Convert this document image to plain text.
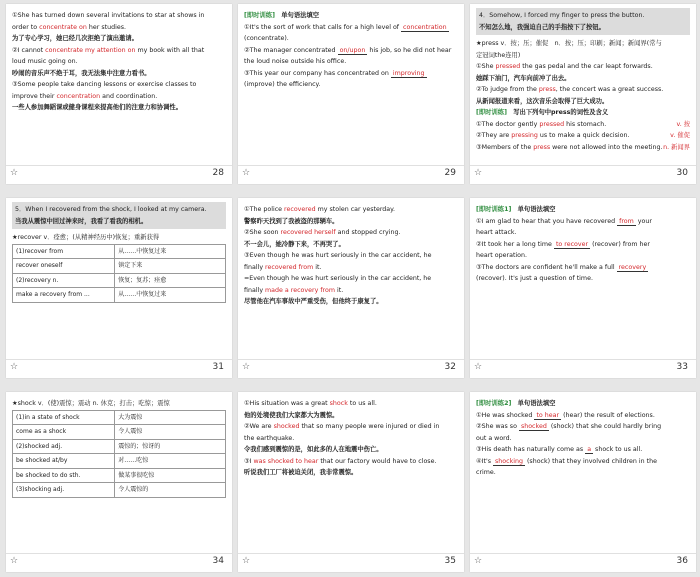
①She has turned down several invitations to star at shows in
order to concentrate on her studies.
为了专心学习，她已经几次拒绝了演出邀请。
②I cannot concentrate my attention on my book with all that
loud music going on.
吵闹的音乐声不绝于耳，我无法集中注意力看书。
③Some people take dancing lessons or exercise classes to
improve their concentration and coordination.
一些人参加舞蹈课或健身课程来提高他们的注意力和协调性。
☆	28
[即时训练]　单句语法填空
①It's the sort of work that calls for a high level of concentration
(concentrate).
②The manager concentrated on/upon his job, so he did not hear
the loud noise outside his office.
③This year our company has concentrated on improving
(improve) the efficiency.
☆	29
4．Somehow, I forced my finger to press the button.
不知怎么地，我强迫自己的手指按下了按钮。
★press v．按；压；催促　n．按；压；印刷；新闻；新闻界(常与
定冠词the连用)
①She pressed the gas pedal and the car leapt forwards.
她踩下油门，汽车向前冲了出去。
②To judge from the press, the concert was a great success.
从新闻报道来看，这次音乐会取得了巨大成功。
[即时训练]　写出下列句中press的词性及含义
①The doctor gently pressed his stomach.	v. 按
②They are pressing us to make a quick decision.	v. 催促
③Members of the press were not allowed into the meeting. n. 新闻界
☆	30
5．When I recovered from the shock, I looked at my camera.
当我从震惊中回过神来时，我看了看我的相机。
★recover v．痊愈；(从精神经历中)恢复；重新获得
(1)recover from	从……中恢复过来
recover oneself	镇定下来
(2)recovery n.	恢复；复苏；痊愈
make a recovery from ...	从……中恢复过来
☆	31
①The police recovered my stolen car yesterday.
警察昨天找到了我被盗的那辆车。
②She soon recovered herself and stopped crying.
不一会儿，她冷静下来，不再哭了。
③Even though he was hurt seriously in the car accident, he
finally recovered from it.
=Even though he was hurt seriously in the car accident, he
finally made a recovery from it.
尽管他在汽车事故中严重受伤，但他终于康复了。
☆	32
[即时训练1]　单句语法填空
①I am glad to hear that you have recovered from your
heart attack.
②It took her a long time to recover (recover) from her
heart operation.
③The doctors are confident he'll make a full recovery
(recover). It's just a question of time.
☆	33
★shock v．(使)震惊；震动 n. 休克；打击；吃惊；震惊
(1)in a state of shock	大为震惊
come as a shock	令人震惊
(2)shocked adj.	震惊的；惊讶的
be shocked at/by	对……吃惊
be shocked to do sth.	做某事很吃惊
(3)shocking adj.	令人震惊的
☆	34
①His situation was a great shock to us all.
他的处境使我们大家都大为震惊。
②We are shocked that so many people were injured or died in
the earthquake.
令我们感到震惊的是，如此多的人在地震中伤亡。
③I was shocked to hear that our factory would have to close.
听说我们工厂将被迫关闭，我非常震惊。
☆	35
[即时训练2]　单句语法填空
①He was shocked to hear (hear) the result of elections.
②She was so shocked (shock) that she could hardly bring
out a word.
③His death has naturally come as a shock to us all.
④It's shocking (shock) that they involved children in the
crime.
☆	36
